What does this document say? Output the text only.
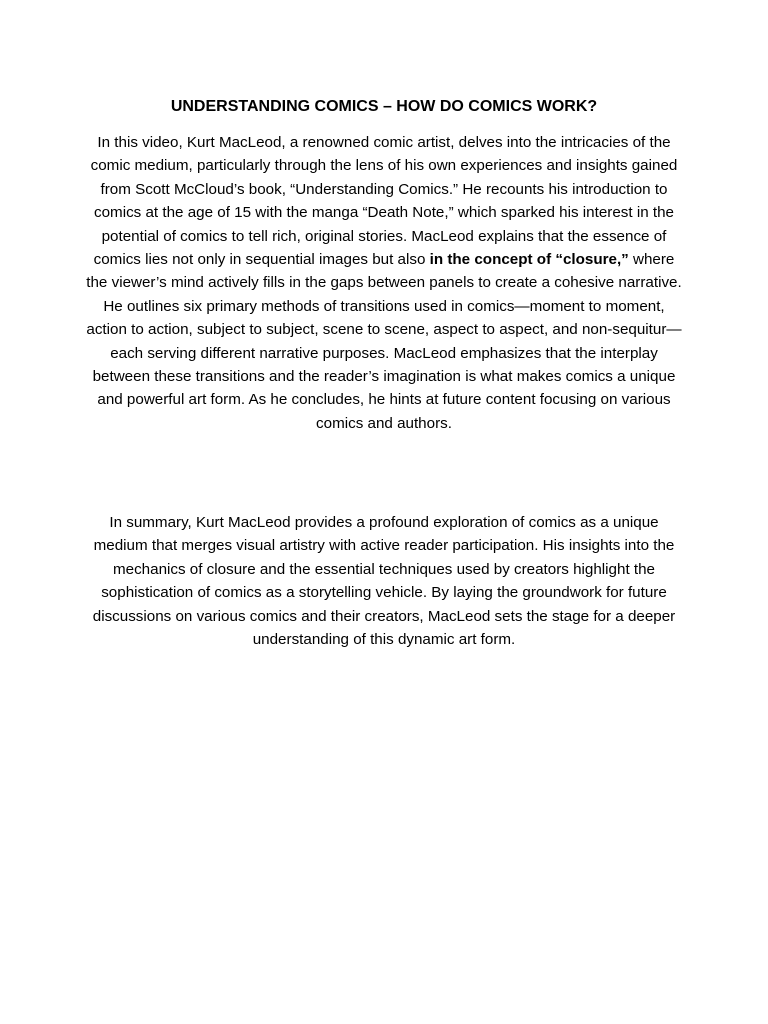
UNDERSTANDING COMICS – HOW DO COMICS WORK?

In this video, Kurt MacLeod, a renowned comic artist, delves into the intricacies of the comic medium, particularly through the lens of his own experiences and insights gained from Scott McCloud’s book, “Understanding Comics.” He recounts his introduction to comics at the age of 15 with the manga “Death Note,” which sparked his interest in the potential of comics to tell rich, original stories. MacLeod explains that the essence of comics lies not only in sequential images but also in the concept of “closure,” where the viewer’s mind actively fills in the gaps between panels to create a cohesive narrative. He outlines six primary methods of transitions used in comics—moment to moment, action to action, subject to subject, scene to scene, aspect to aspect, and non-sequitur—each serving different narrative purposes. MacLeod emphasizes that the interplay between these transitions and the reader’s imagination is what makes comics a unique and powerful art form. As he concludes, he hints at future content focusing on various comics and authors.

In summary, Kurt MacLeod provides a profound exploration of comics as a unique medium that merges visual artistry with active reader participation. His insights into the mechanics of closure and the essential techniques used by creators highlight the sophistication of comics as a storytelling vehicle. By laying the groundwork for future discussions on various comics and their creators, MacLeod sets the stage for a deeper understanding of this dynamic art form.
